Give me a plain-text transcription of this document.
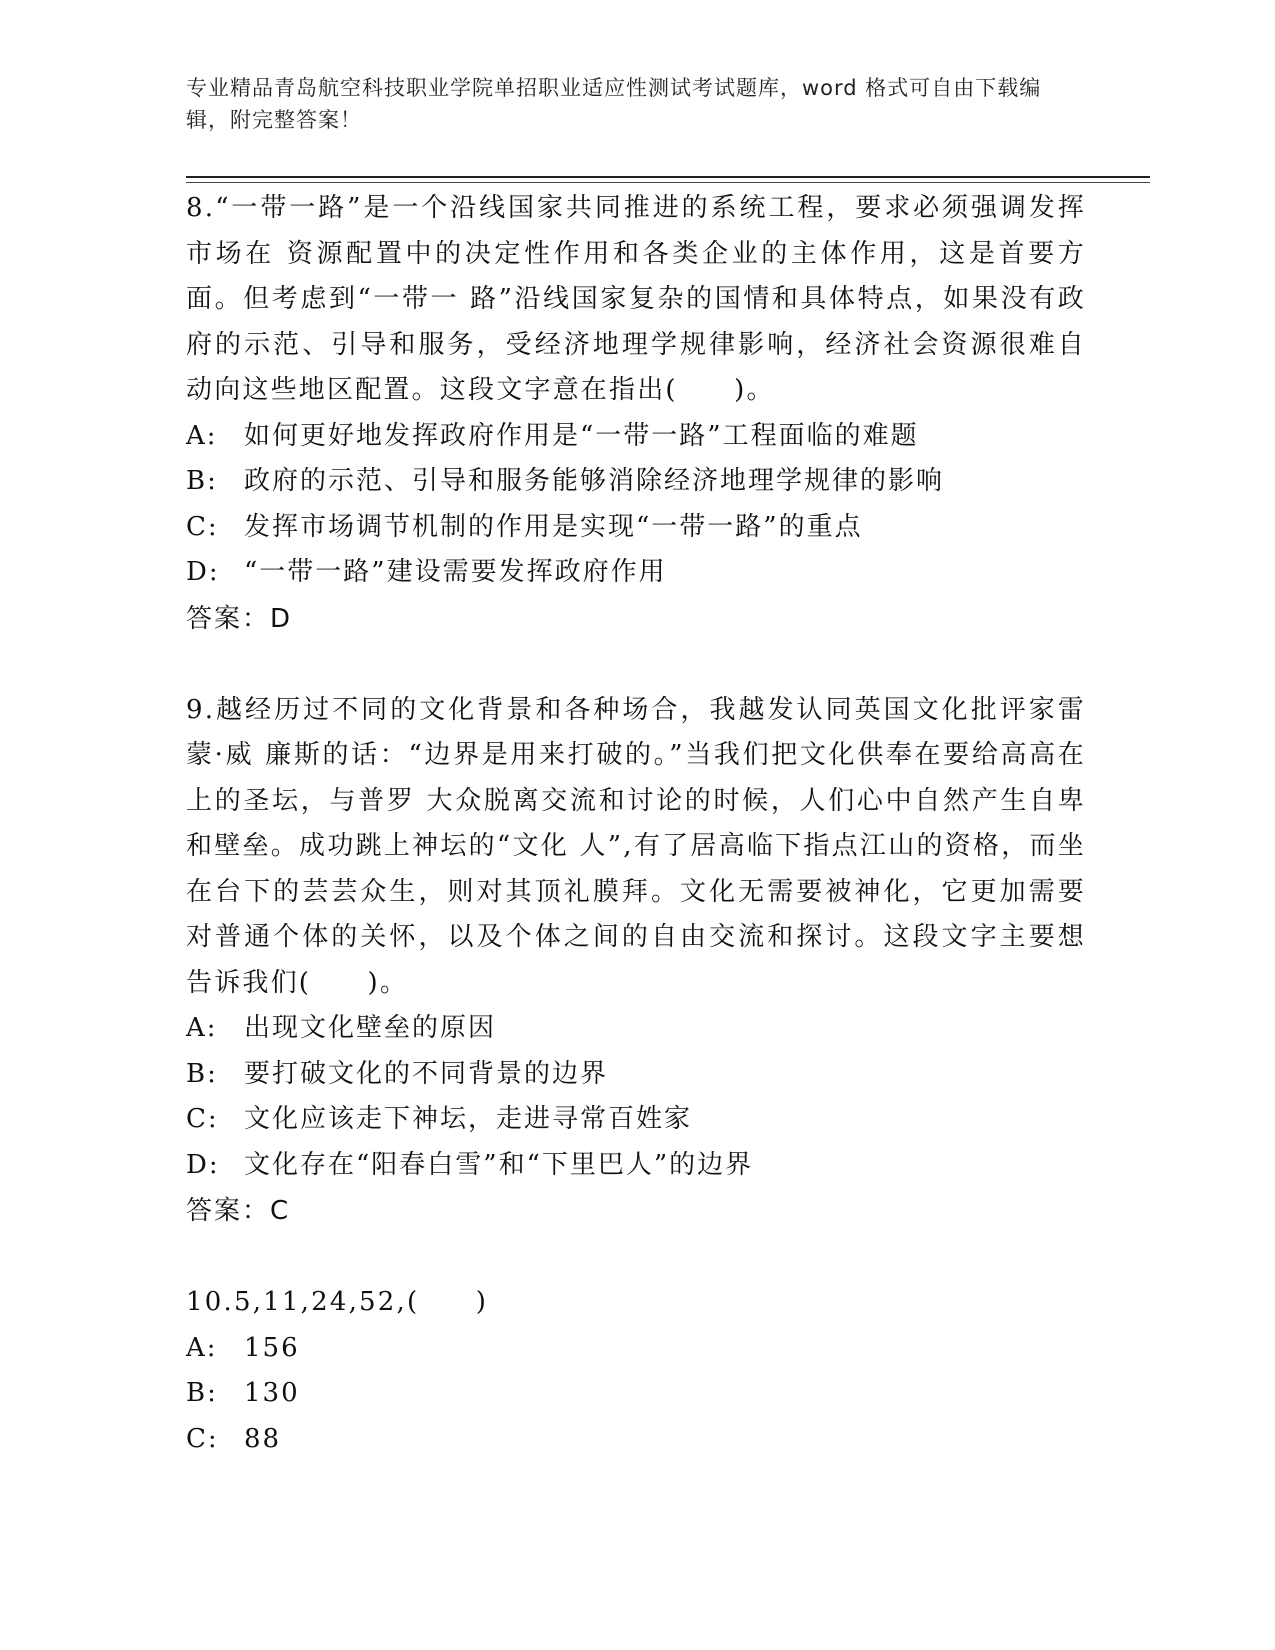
专业精品青岛航空科技职业学院单招职业适应性测试考试题库，word 格式可自由下载编辑，附完整答案！

8.“一带一路”是一个沿线国家共同推进的系统工程，要求必须强调发挥市场在 资源配置中的决定性作用和各类企业的主体作用，这是首要方面。但考虑到“一带一 路”沿线国家复杂的国情和具体特点，如果没有政府的示范、引导和服务，受经济地理学规律影响，经济社会资源很难自动向这些地区配置。这段文字意在指出(　　)。

A:	如何更好地发挥政府作用是“一带一路”工程面临的难题
B:	政府的示范、引导和服务能够消除经济地理学规律的影响
C: 发挥市场调节机制的作用是实现“一带一路”的重点
D: “一带一路”建设需要发挥政府作用

答案：D

9.越经历过不同的文化背景和各种场合，我越发认同英国文化批评家雷蒙·威 廉斯的话：“边界是用来打破的。”当我们把文化供奉在要给高高在上的圣坛，与普罗 大众脱离交流和讨论的时候，人们心中自然产生自卑和壁垒。成功跳上神坛的“文化 人”,有了居高临下指点江山的资格，而坐在台下的芸芸众生，则对其顶礼膜拜。文化无需要被神化，它更加需要对普通个体的关怀，以及个体之间的自由交流和探讨。这段文字主要想告诉我们(　　)。

A:	出现文化壁垒的原因
B:	要打破文化的不同背景的边界
C: 文化应该走下神坛，走进寻常百姓家
D: 文化存在“阳春白雪”和“下里巴人”的边界

答案：C

10.5,11,24,52,(　　)

A:	156
B:	130
C: 88
